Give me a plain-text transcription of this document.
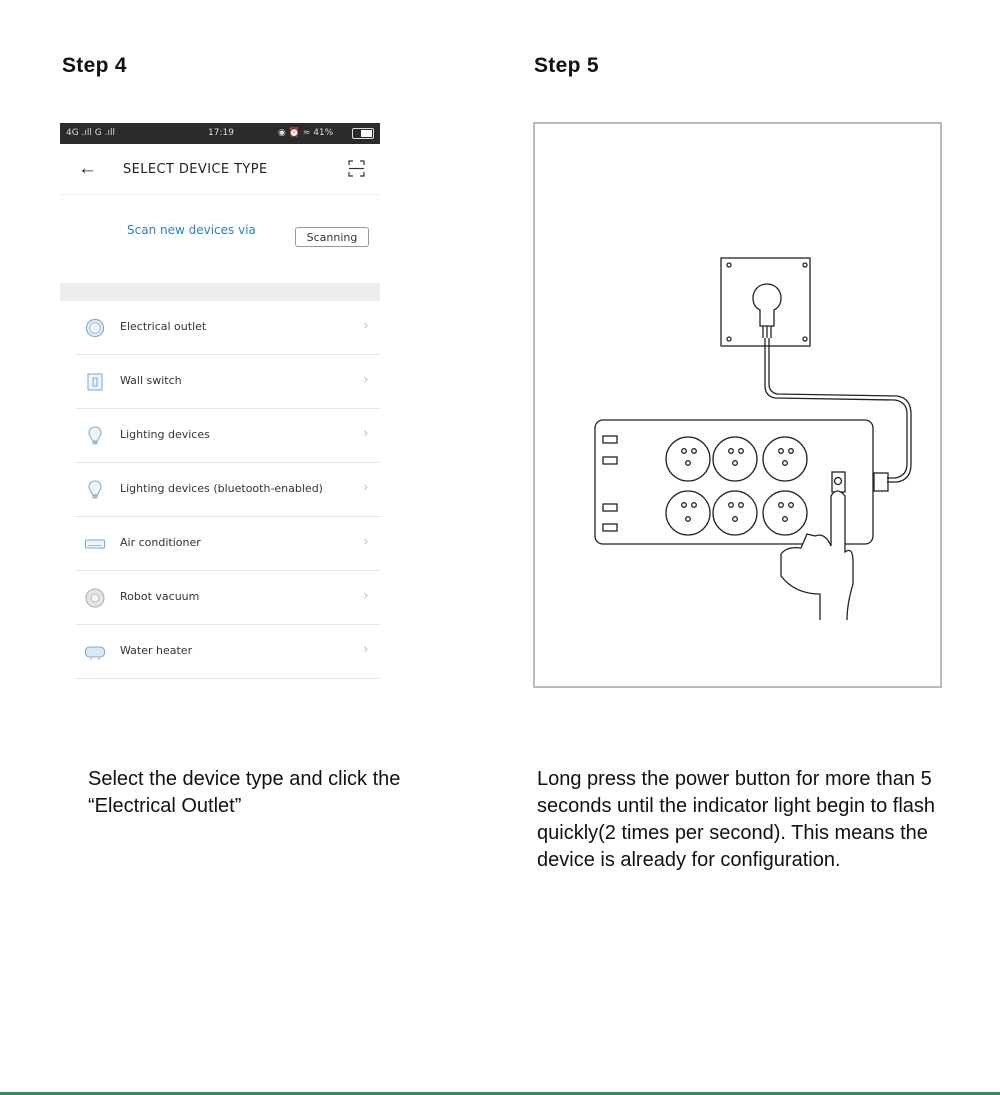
Step 4	Step 5
4G .ıll G .ıll	17:19	◉ ⏰ ≈ 41%
← SELECT DEVICE TYPE
Scan new devices via
Scanning
Electrical outlet	›
Wall switch	›
Lighting devices	›
Lighting devices (bluetooth-enabled)	›
Air conditioner	›
Robot vacuum	›
Water heater	›
Select the device type and click the “Electrical Outlet”
Long press the power button for more than 5 seconds until the indicator light begin to flash quickly(2 times per second). This means the device is already for configuration.
